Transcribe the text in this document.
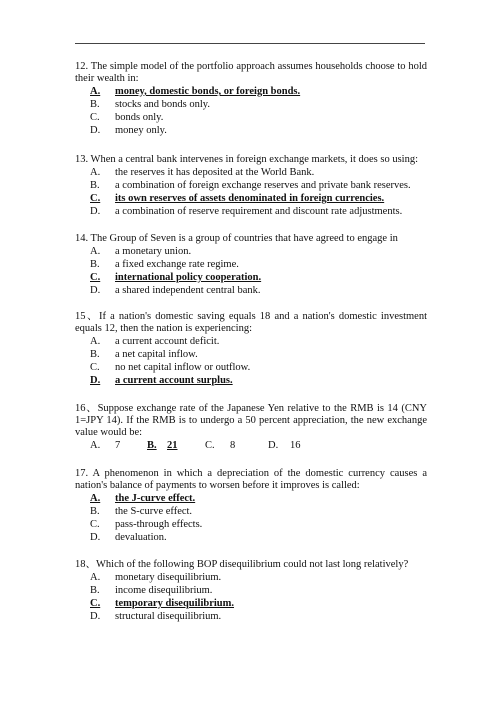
12. The simple model of the portfolio approach assumes households choose to hold their wealth in:
A. money, domestic bonds, or foreign bonds.
B. stocks and bonds only.
C. bonds only.
D. money only.
13. When a central bank intervenes in foreign exchange markets, it does so using:
A. the reserves it has deposited at the World Bank.
B. a combination of foreign exchange reserves and private bank reserves.
C. its own reserves of assets denominated in foreign currencies.
D. a combination of reserve requirement and discount rate adjustments.
14. The Group of Seven is a group of countries that have agreed to engage in
A. a monetary union.
B. a fixed exchange rate regime.
C. international policy cooperation.
D. a shared independent central bank.
15、If a nation's domestic saving equals 18 and a nation's domestic investment equals 12, then the nation is experiencing:
A. a current account deficit.
B. a net capital inflow.
C. no net capital inflow or outflow.
D. a current account surplus.
16、Suppose exchange rate of the Japanese Yen relative to the RMB is 14 (CNY 1=JPY 14). If the RMB is to undergo a 50 percent appreciation, the new exchange value would be:
A. 7	B. 21	C. 8	D. 16
17. A phenomenon in which a depreciation of the domestic currency causes a nation's balance of payments to worsen before it improves is called:
A. the J-curve effect.
B. the S-curve effect.
C. pass-through effects.
D. devaluation.
18、Which of the following BOP disequilibrium could not last long relatively?
A. monetary disequilibrium.
B. income disequilibrium.
C. temporary disequilibrium.
D. structural disequilibrium.
